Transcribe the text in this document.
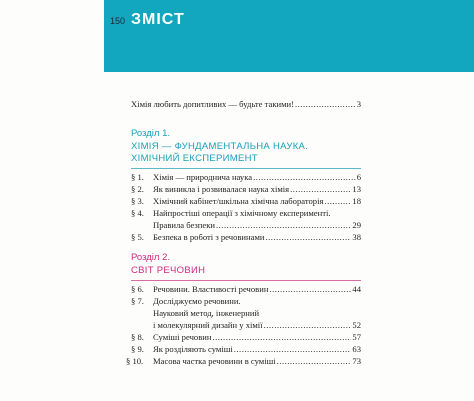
150 ЗМІСТ
Хімія любить допитливих — будьте такими! .....	3
Розділ 1.
ХІМІЯ — ФУНДАМЕНТАЛЬНА НАУКА.
ХІМІЧНИЙ ЕКСПЕРИМЕНТ
§ 1.	Хімія — природнича наука .....	6
§ 2.	Як виникла і розвивалася наука хімія .....	13
§ 3.	Хімічний кабінет/шкільна хімічна лабораторія .....	18
§ 4. Найпростіші операції з хімічному експерименті.
Правила безпеки .....	29
§ 5.	Безпека в роботі з речовинами .....	38
Розділ 2.
СВІТ РЕЧОВИН
§ 6.	Речовини. Властивості речовин .....	44
§ 7. Досліджуємо речовини.
Науковий метод, інженерний
і молекулярний дизайн у хімії .....	52
§ 8.	Суміші речовин .....	57
§ 9.	Як розділяють суміші .....	63
§ 10.	Масова частка речовини в суміші .....	73
